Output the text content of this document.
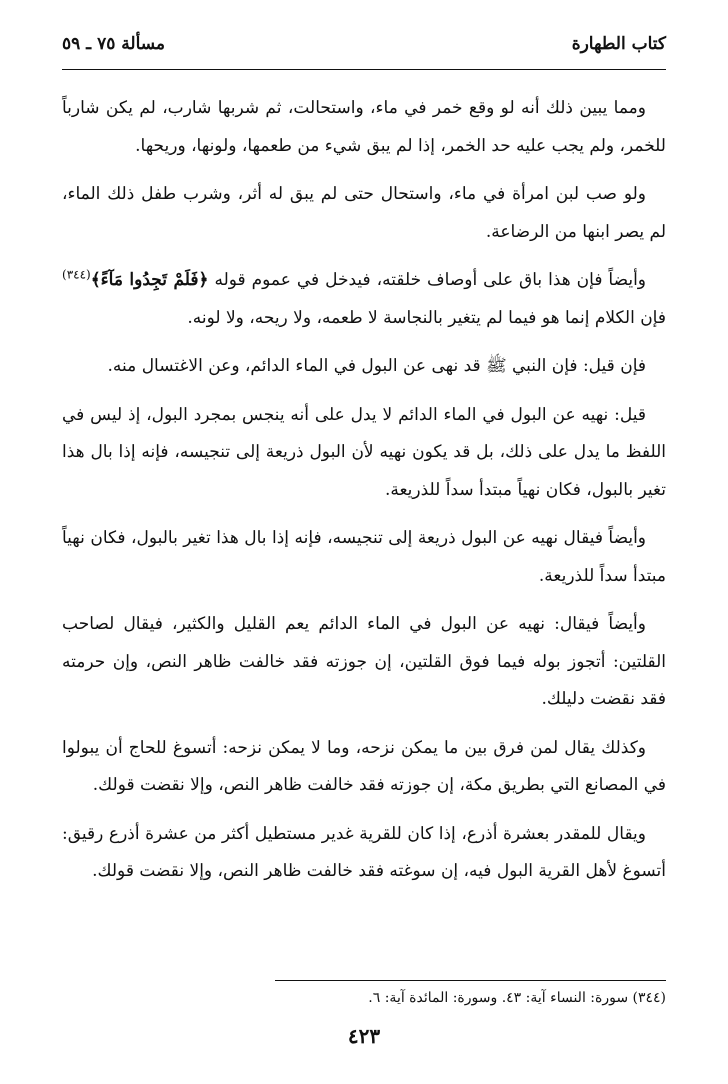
كتاب الطهارة
مسألة ٧٥ ـ ٥٩

ومما يبين ذلك أنه لو وقع خمر في ماء، واستحالت، ثم شربها شارب، لم يكن شارباً للخمر، ولم يجب عليه حد الخمر، إذا لم يبق شيء من طعمها، ولونها، وريحها.

ولو صب لبن امرأة في ماء، واستحال حتى لم يبق له أثر، وشرب طفل ذلك الماء، لم يصر ابنها من الرضاعة.

وأيضاً فإن هذا باق على أوصاف خلقته، فيدخل في عموم قوله ﴿فَلَمْ تَجِدُوا مَآءً﴾$^{(٣٤٤)}$ فإن الكلام إنما هو فيما لم يتغير بالنجاسة لا طعمه، ولا ريحه، ولا لونه.

فإن قيل: فإن النبي ﷺ قد نهى عن البول في الماء الدائم، وعن الاغتسال منه.

قيل: نهيه عن البول في الماء الدائم لا يدل على أنه ينجس بمجرد البول، إذ ليس في اللفظ ما يدل على ذلك، بل قد يكون نهيه لأن البول ذريعة إلى تنجيسه، فإنه إذا بال هذا تغير بالبول، فكان نهياً مبتدأ سداً للذريعة.

وأيضاً فيقال نهيه عن البول ذريعة إلى تنجيسه، فإنه إذا بال هذا تغير بالبول، فكان نهياً مبتدأ سداً للذريعة.

وأيضاً فيقال: نهيه عن البول في الماء الدائم يعم القليل والكثير، فيقال لصاحب القلتين: أتجوز بوله فيما فوق القلتين، إن جوزته فقد خالفت ظاهر النص، وإن حرمته فقد نقضت دليلك.

وكذلك يقال لمن فرق بين ما يمكن نزحه، وما لا يمكن نزحه: أتسوغ للحاج أن يبولوا في المصانع التي بطريق مكة، إن جوزته فقد خالفت ظاهر النص، وإلا نقضت قولك.

ويقال للمقدر بعشرة أذرع، إذا كان للقرية غدير مستطيل أكثر من عشرة أذرع رقيق: أتسوغ لأهل القرية البول فيه، إن سوغته فقد خالفت ظاهر النص، وإلا نقضت قولك.

(٣٤٤) سورة: النساء آية: ٤٣. وسورة: المائدة آية: ٦.
٤٢٣
